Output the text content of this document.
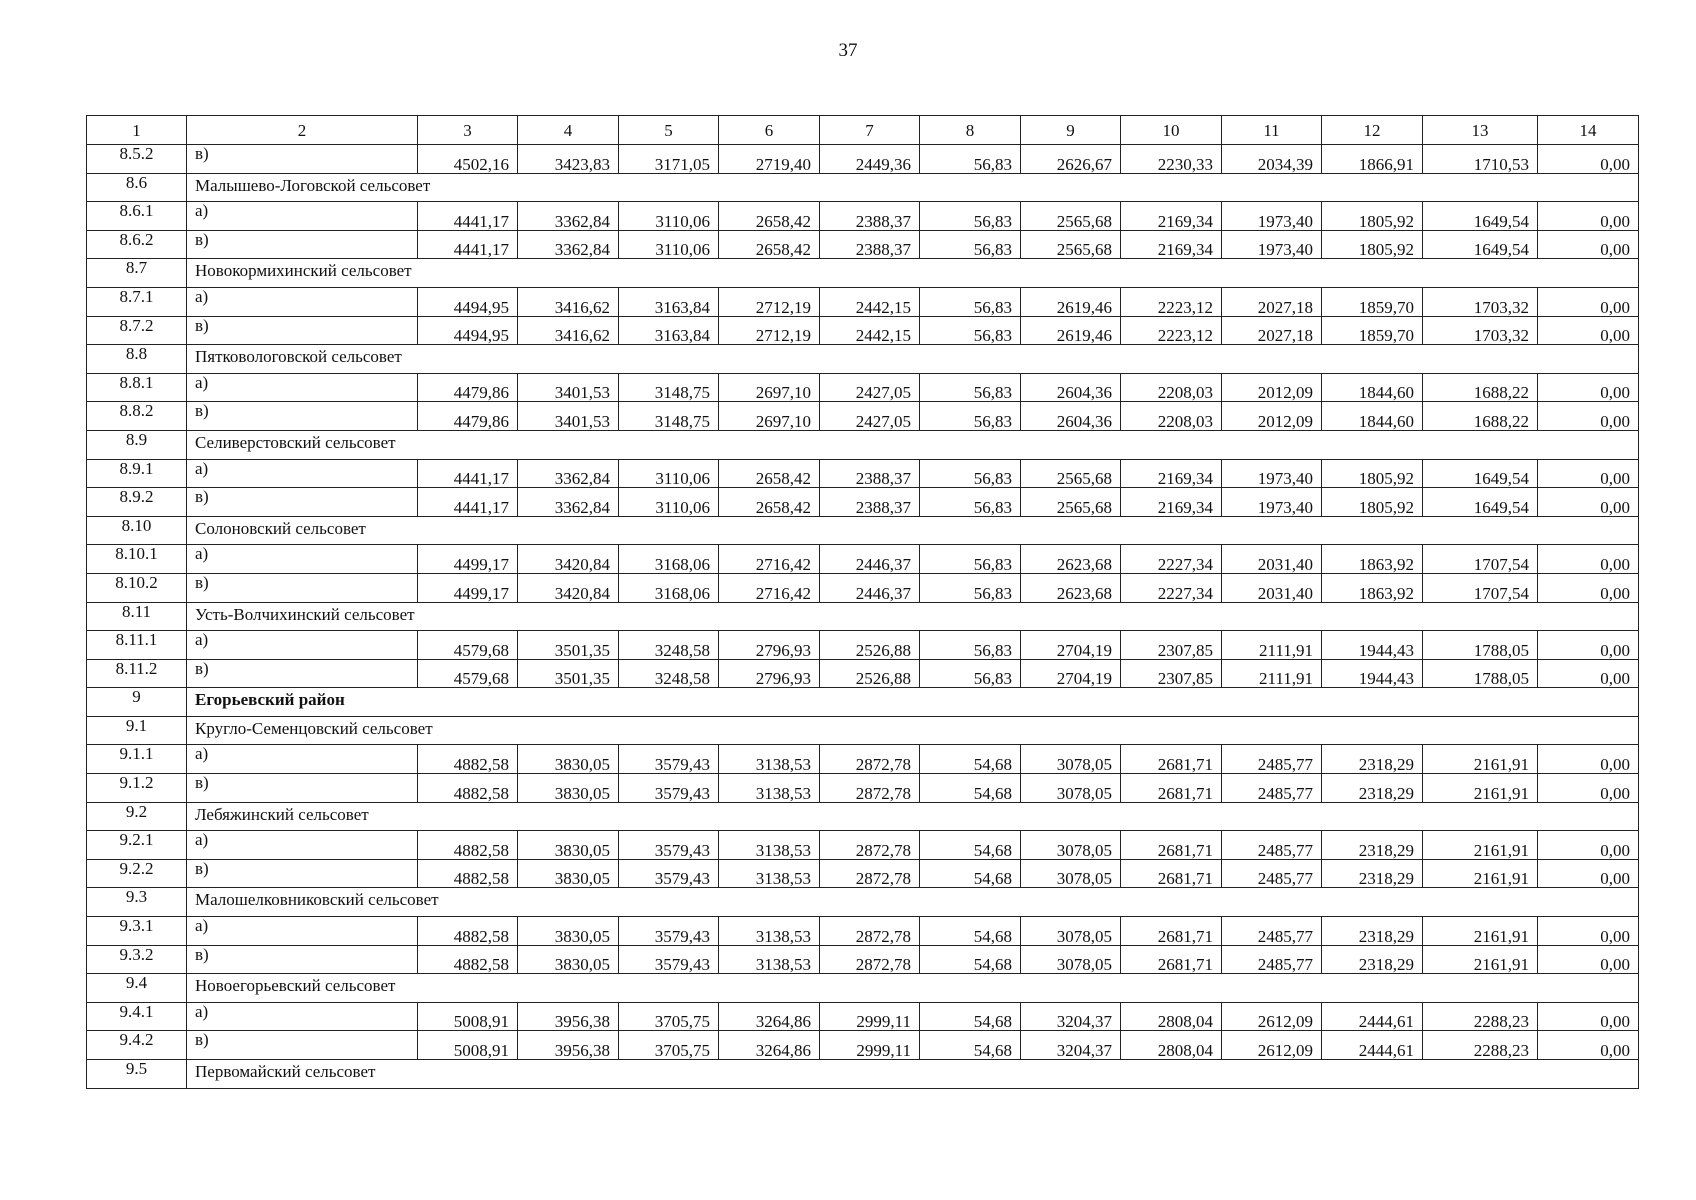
37
1	2	3	4	5	6	7	8	9	10	11	12	13	14
8.5.2	в)	4502,16	3423,83	3171,05	2719,40	2449,36	56,83	2626,67	2230,33	2034,39	1866,91	1710,53	0,00
8.6	Малышево-Логовской сельсовет												
8.6.1	а)	4441,17	3362,84	3110,06	2658,42	2388,37	56,83	2565,68	2169,34	1973,40	1805,92	1649,54	0,00
8.6.2	в)	4441,17	3362,84	3110,06	2658,42	2388,37	56,83	2565,68	2169,34	1973,40	1805,92	1649,54	0,00
8.7	Новокормихинский сельсовет												
8.7.1	а)	4494,95	3416,62	3163,84	2712,19	2442,15	56,83	2619,46	2223,12	2027,18	1859,70	1703,32	0,00
8.7.2	в)	4494,95	3416,62	3163,84	2712,19	2442,15	56,83	2619,46	2223,12	2027,18	1859,70	1703,32	0,00
8.8	Пятковологовской сельсовет												
8.8.1	а)	4479,86	3401,53	3148,75	2697,10	2427,05	56,83	2604,36	2208,03	2012,09	1844,60	1688,22	0,00
8.8.2	в)	4479,86	3401,53	3148,75	2697,10	2427,05	56,83	2604,36	2208,03	2012,09	1844,60	1688,22	0,00
8.9	Селиверстовский сельсовет												
8.9.1	а)	4441,17	3362,84	3110,06	2658,42	2388,37	56,83	2565,68	2169,34	1973,40	1805,92	1649,54	0,00
8.9.2	в)	4441,17	3362,84	3110,06	2658,42	2388,37	56,83	2565,68	2169,34	1973,40	1805,92	1649,54	0,00
8.10	Солоновский сельсовет												
8.10.1	а)	4499,17	3420,84	3168,06	2716,42	2446,37	56,83	2623,68	2227,34	2031,40	1863,92	1707,54	0,00
8.10.2	в)	4499,17	3420,84	3168,06	2716,42	2446,37	56,83	2623,68	2227,34	2031,40	1863,92	1707,54	0,00
8.11	Усть-Волчихинский сельсовет												
8.11.1	а)	4579,68	3501,35	3248,58	2796,93	2526,88	56,83	2704,19	2307,85	2111,91	1944,43	1788,05	0,00
8.11.2	в)	4579,68	3501,35	3248,58	2796,93	2526,88	56,83	2704,19	2307,85	2111,91	1944,43	1788,05	0,00
9	Егорьевский район												
9.1	Кругло-Семенцовский сельсовет												
9.1.1	а)	4882,58	3830,05	3579,43	3138,53	2872,78	54,68	3078,05	2681,71	2485,77	2318,29	2161,91	0,00
9.1.2	в)	4882,58	3830,05	3579,43	3138,53	2872,78	54,68	3078,05	2681,71	2485,77	2318,29	2161,91	0,00
9.2	Лебяжинский сельсовет												
9.2.1	а)	4882,58	3830,05	3579,43	3138,53	2872,78	54,68	3078,05	2681,71	2485,77	2318,29	2161,91	0,00
9.2.2	в)	4882,58	3830,05	3579,43	3138,53	2872,78	54,68	3078,05	2681,71	2485,77	2318,29	2161,91	0,00
9.3	Малошелковниковский сельсовет												
9.3.1	а)	4882,58	3830,05	3579,43	3138,53	2872,78	54,68	3078,05	2681,71	2485,77	2318,29	2161,91	0,00
9.3.2	в)	4882,58	3830,05	3579,43	3138,53	2872,78	54,68	3078,05	2681,71	2485,77	2318,29	2161,91	0,00
9.4	Новоегорьевский сельсовет												
9.4.1	а)	5008,91	3956,38	3705,75	3264,86	2999,11	54,68	3204,37	2808,04	2612,09	2444,61	2288,23	0,00
9.4.2	в)	5008,91	3956,38	3705,75	3264,86	2999,11	54,68	3204,37	2808,04	2612,09	2444,61	2288,23	0,00
9.5	Первомайский сельсовет												
